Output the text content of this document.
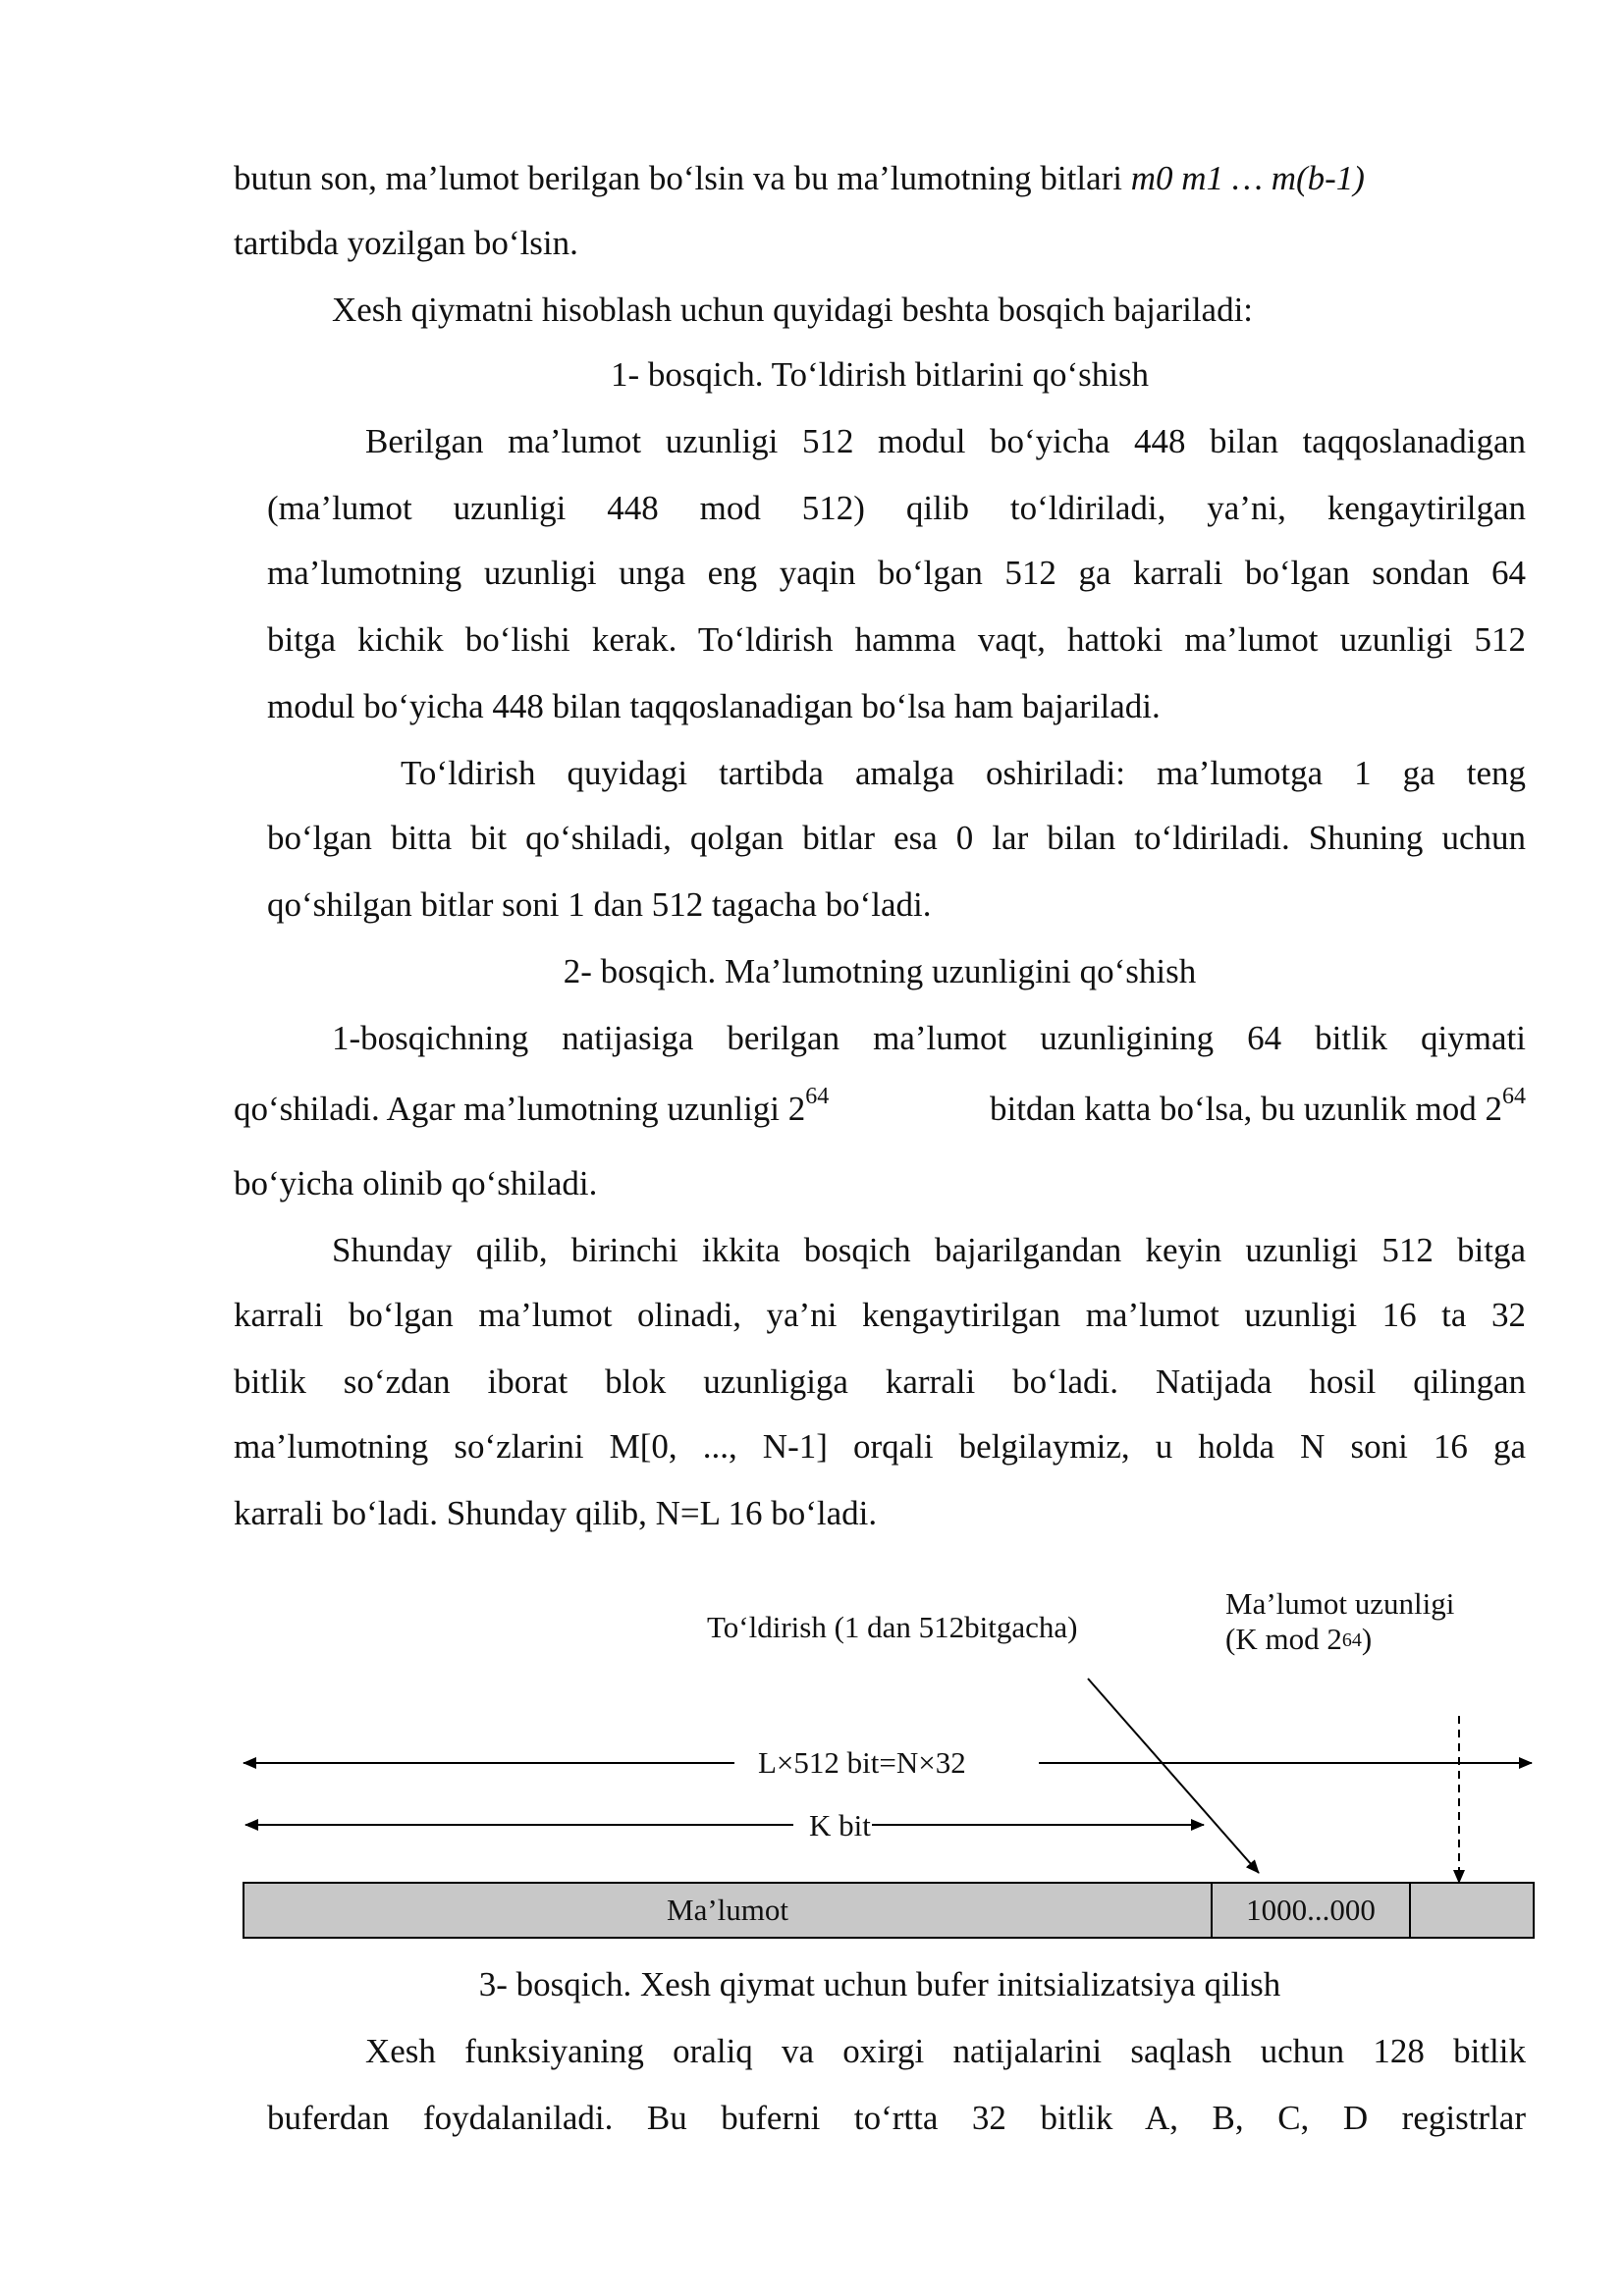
butun son, ma’lumot berilgan bo‘lsin va bu ma’lumotning bitlari m0 m1 … m(b-1)
tartibda yozilgan bo‘lsin.
Xesh qiymatni hisoblash uchun quyidagi beshta bosqich bajariladi:
1- bosqich. To‘ldirish bitlarini qo‘shish
Berilgan ma’lumot uzunligi 512 modul bo‘yicha 448 bilan taqqoslanadigan
(ma’lumot uzunligi 448 mod 512) qilib to‘ldiriladi, ya’ni, kengaytirilgan
ma’lumotning uzunligi unga eng yaqin bo‘lgan 512 ga karrali bo‘lgan sondan 64
bitga kichik bo‘lishi kerak. To‘ldirish hamma vaqt, hattoki ma’lumot uzunligi 512
modul bo‘yicha 448 bilan taqqoslanadigan bo‘lsa ham bajariladi.
To‘ldirish quyidagi tartibda amalga oshiriladi: ma’lumotga 1 ga teng
bo‘lgan bitta bit qo‘shiladi, qolgan bitlar esa 0 lar bilan to‘ldiriladi. Shuning uchun
qo‘shilgan bitlar soni 1 dan 512 tagacha bo‘ladi.
2- bosqich. Ma’lumotning uzunligini qo‘shish
1-bosqichning natijasiga berilgan ma’lumot uzunligining 64 bitlik qiymati
qo‘shiladi. Agar ma’lumotning uzunligi $2^{64}$	bitdan katta bo‘lsa, bu uzunlik mod $2^{64}$
bo‘yicha olinib qo‘shiladi.
Shunday qilib, birinchi ikkita bosqich bajarilgandan keyin uzunligi 512 bitga
karrali bo‘lgan ma’lumot olinadi, ya’ni kengaytirilgan ma’lumot uzunligi 16 ta 32
bitlik so‘zdan iborat blok uzunligiga karrali bo‘ladi. Natijada hosil qilingan
ma’lumotning so‘zlarini M[0, ..., N-1] orqali belgilaymiz, u holda N soni 16 ga
karrali bo‘ladi. Shunday qilib, N=L 16 bo‘ladi.
To‘ldirish (1 dan 512bitgacha)
Ma’lumot uzunligi
(K mod 264)
L×512 bit=N×32
K bit
Ma’lumot	1000...000
3- bosqich. Xesh qiymat uchun bufer initsializatsiya qilish
Xesh funksiyaning oraliq va oxirgi natijalarini saqlash uchun 128 bitlik
buferdan foydalaniladi. Bu buferni to‘rtta 32 bitlik A, B, C, D registrlar
